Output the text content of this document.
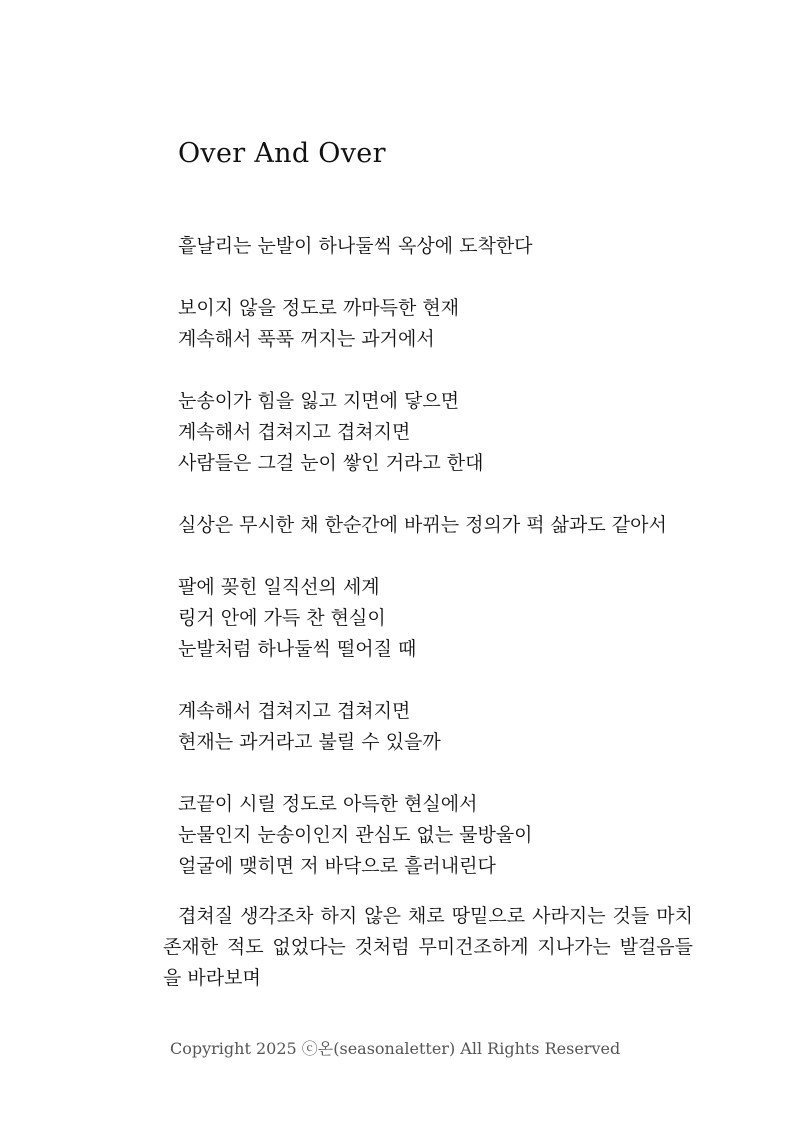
Over And Over
흩날리는 눈발이 하나둘씩 옥상에 도착한다
보이지 않을 정도로 까마득한 현재
계속해서 푹푹 꺼지는 과거에서
눈송이가 힘을 잃고 지면에 닿으면
계속해서 겹쳐지고 겹쳐지면
사람들은 그걸 눈이 쌓인 거라고 한대
실상은 무시한 채 한순간에 바뀌는 정의가 퍽 삶과도 같아서
팔에 꽂힌 일직선의 세계
링거 안에 가득 찬 현실이
눈발처럼 하나둘씩 떨어질 때
계속해서 겹쳐지고 겹쳐지면
현재는 과거라고 불릴 수 있을까
코끝이 시릴 정도로 아득한 현실에서
눈물인지 눈송이인지 관심도 없는 물방울이
얼굴에 맺히면 저 바닥으로 흘러내린다

겹쳐질 생각조차 하지 않은 채로 땅밑으로 사라지는 것들 마치 존재한 적도 없었다는 것처럼 무미건조하게 지나가는 발걸음들을 바라보며

Copyright 2025 ⓒ온(seasonaletter) All Rights Reserved
